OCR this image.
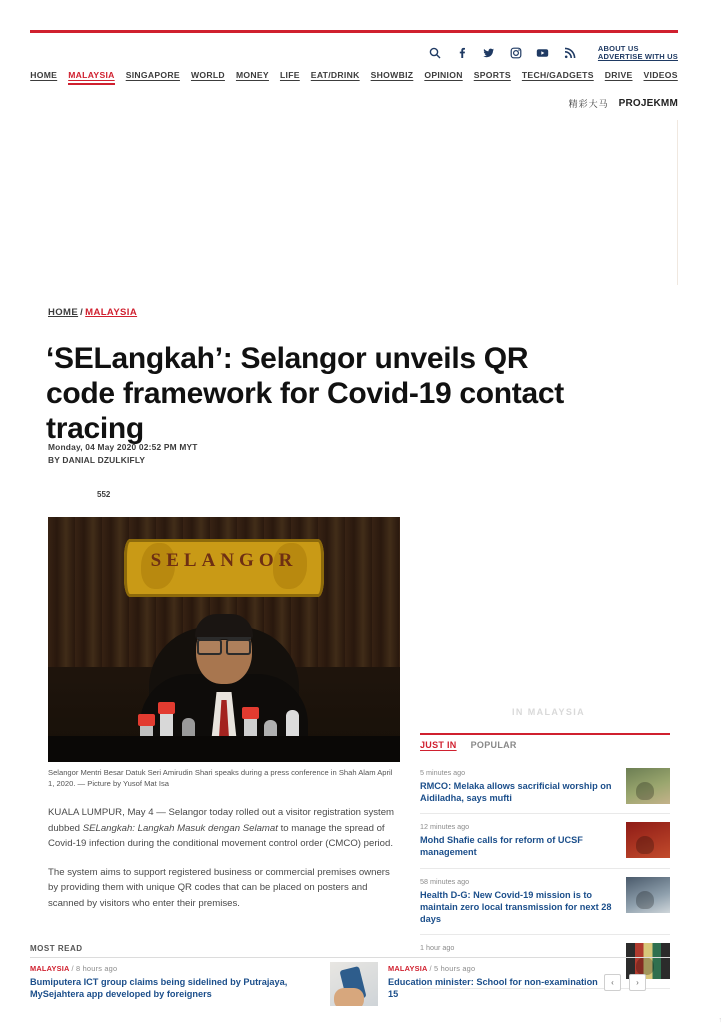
ABOUT US
ADVERTISE WITH US
HOME MALAYSIA SINGAPORE WORLD MONEY LIFE EAT/DRINK SHOWBIZ OPINION SPORTS TECH/GADGETS DRIVE VIDEOS
精彩大马 PROJEKMM
HOME / MALAYSIA
‘SELangkah’: Selangor unveils QR code framework for Covid-19 contact tracing
Monday, 04 May 2020 02:52 PM MYT
BY DANIAL DZULKIFLY
552
SELANGOR
Selangor Mentri Besar Datuk Seri Amirudin Shari speaks during a press conference in Shah Alam April 1, 2020. — Picture by Yusof Mat Isa

KUALA LUMPUR, May 4 — Selangor today rolled out a visitor registration system dubbed SELangkah: Langkah Masuk dengan Selamat to manage the spread of Covid-19 infection during the conditional movement control order (CMCO) period.

The system aims to support registered business or commercial premises owners by providing them with unique QR codes that can be placed on posters and scanned by visitors who enter their premises.

IN MALAYSIA
JUST IN POPULAR
5 minutes ago
RMCO: Melaka allows sacrificial worship on Aidiladha, says mufti
12 minutes ago
Mohd Shafie calls for reform of UCSF management
58 minutes ago
Health D-G: New Covid-19 mission is to maintain zero local transmission for next 28 days
1 hour ago
MOST READ
MALAYSIA / 8 hours ago
Bumiputera ICT group claims being sidelined by Putrajaya, MySejahtera app developed by foreigners
MALAYSIA / 5 hours ago
Education minister: School for non-examination 15
‹	›
↑
